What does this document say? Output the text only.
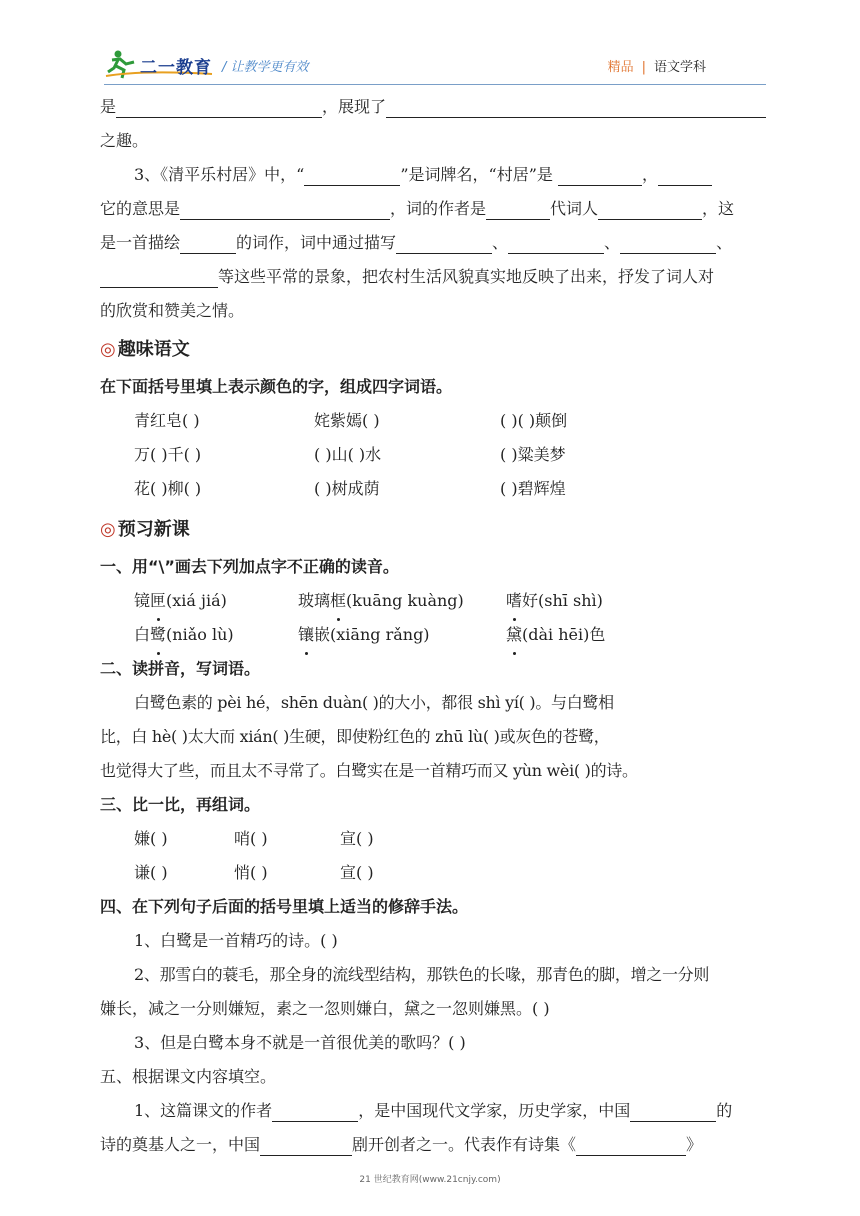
二一教育 / 让教学更有效	精品 | 语文学科
是	，展现了
之趣。
3、《清平乐村居》中，“	”是词牌名，“村居”是	，
它的意思是	，词的作者是	代词人	，这
是一首描绘	的词作，词中通过描写	、	、	、
等这些平常的景象，把农村生活风貌真实地反映了出来，抒发了词人对
的欣赏和赞美之情。
◎ 趣味语文
在下面括号里填上表示颜色的字，组成四字词语。
青红皂( )	姹紫嫣( )	( )( )颠倒
万( )千( )	( )山( )水	( )粱美梦
花( )柳( )	( )树成荫	( )碧辉煌
◎ 预习新课
一、用“\”画去下列加点字不正确的读音。
镜匣(xiá jiá)	玻璃框(kuāng kuàng)	嗜好(shī shì)
白鹭(niǎo lù)	镶嵌(xiāng rǎng)	黛(dài hēi)色
二、读拼音，写词语。
白鹭色素的 pèi hé，shēn duàn( )的大小，都很 shì yí( )。与白鹭相
比，白 hè( )太大而 xián( )生硬，即使粉红色的 zhū lù( )或灰色的苍鹭，
也觉得大了些，而且太不寻常了。白鹭实在是一首精巧而又 yùn wèi( )的诗。
三、比一比，再组词。
嫌( )	哨( )	宣( )
谦( )	悄( )	宣( )
四、在下列句子后面的括号里填上适当的修辞手法。
1、白鹭是一首精巧的诗。( )
2、那雪白的蓑毛，那全身的流线型结构，那铁色的长喙，那青色的脚，增之一分则
嫌长，减之一分则嫌短，素之一忽则嫌白，黛之一忽则嫌黑。( )
3、但是白鹭本身不就是一首很优美的歌吗？( )
五、根据课文内容填空。
1、这篇课文的作者	，是中国现代文学家，历史学家，中国	的
诗的奠基人之一，中国	剧开创者之一。代表作有诗集《	》
21 世纪教育网(www.21cnjy.com)
